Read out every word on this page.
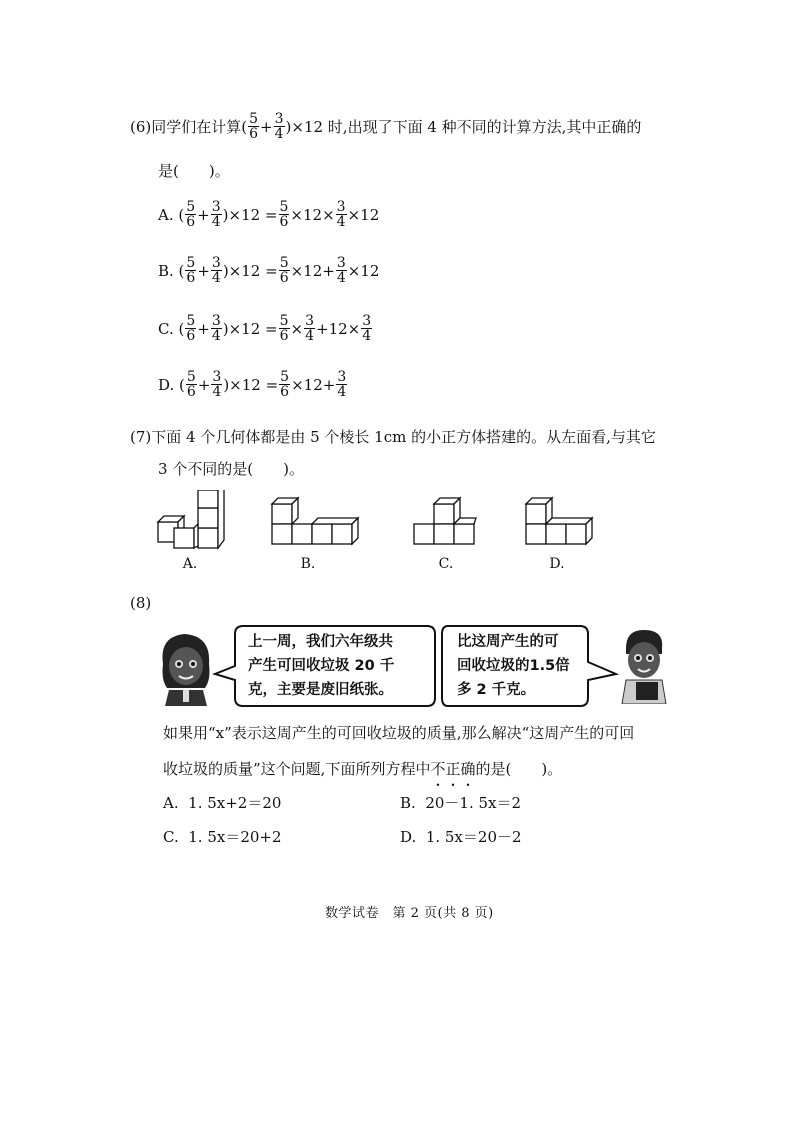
(6) 同学们在计算( $\frac{5}{6} + \frac{3}{4} )\times 12$ 时,出现了下面 4 种不同的计算方法,其中正确的
是(　　)。
A. ( $\frac{5}{6} + \frac{3}{4} )\times 12 = \frac{5}{6} \times 12\times \frac{3}{4} \times 12$
B. ( $\frac{5}{6} + \frac{3}{4} )\times 12 = \frac{5}{6} \times 12+ \frac{3}{4} \times 12$
C. ( $\frac{5}{6} + \frac{3}{4} )\times 12 = \frac{5}{6} \times \frac{3}{4} +12\times \frac{3}{4}$
D. ( $\frac{5}{6} + \frac{3}{4} )\times 12 = \frac{5}{6} \times 12+ \frac{3}{4}$
(7)下面 4 个几何体都是由 5 个棱长 1cm 的小正方体搭建的。从左面看,与其它
3 个不同的是(　　)。
A.	B.	C.	D.
(8)
上一周，我们六年级共
产生可回收垃圾 20 千
克，主要是废旧纸张。
比这周产生的可
回收垃圾的1.5倍
多 2 千克。
如果用“x”表示这周产生的可回收垃圾的质量,那么解决“这周产生的可回
收垃圾的质量”这个问题,下面所列方程中不正确的是(　　)。
A. 1. 5x+2＝20	B. 20－1. 5x＝2
C. 1. 5x＝20+2	D. 1. 5x＝20－2
数学试卷　第 2 页(共 8 页)
